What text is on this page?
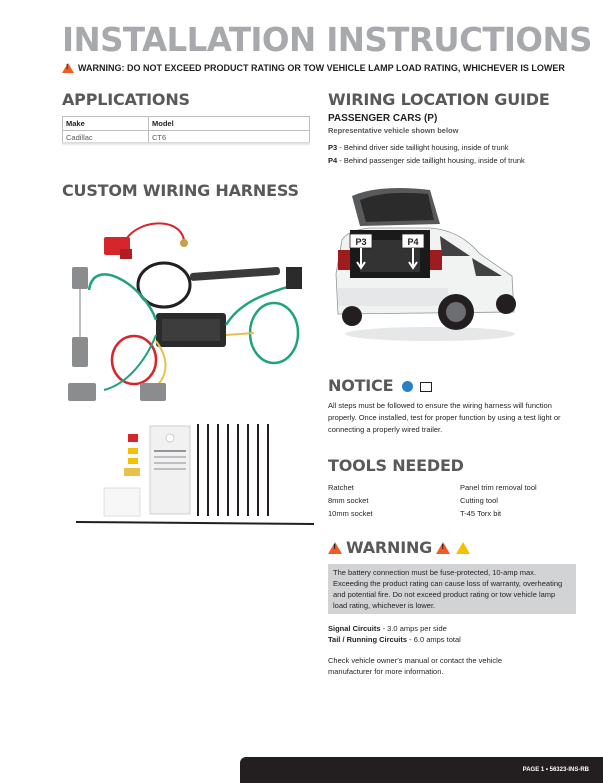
INSTALLATION INSTRUCTIONS
!
WARNING: DO NOT EXCEED PRODUCT RATING OR TOW VEHICLE LAMP LOAD RATING, WHICHEVER IS LOWER
APPLICATIONS
Make	Model
Cadillac	CT6
CUSTOM WIRING HARNESS
WIRING LOCATION GUIDE
PASSENGER CARS (P)
Representative vehicle shown below
P3 - Behind driver side taillight housing, inside of trunk
P4 - Behind passenger side taillight housing, inside of trunk
P3	P4
NOTICE
All steps must be followed to ensure the wiring harness will function properly. Once installed, test for proper function by using a test light or connecting a properly wired trailer.
TOOLS NEEDED
Ratchet
8mm socket
10mm socket
Panel trim removal tool
Cutting tool
T-45 Torx bit
!
WARNING
!
The battery connection must be fuse-protected, 10-amp max. Exceeding the product rating can cause loss of warranty, overheating and potential fire. Do not exceed product rating or tow vehicle lamp load rating, whichever is lower.
Signal Circuits - 3.0 amps per side
Tail / Running Circuits - 6.0 amps total
Check vehicle owner's manual or contact the vehicle manufacturer for more information.
PAGE 1 • 56323-INS-RB
